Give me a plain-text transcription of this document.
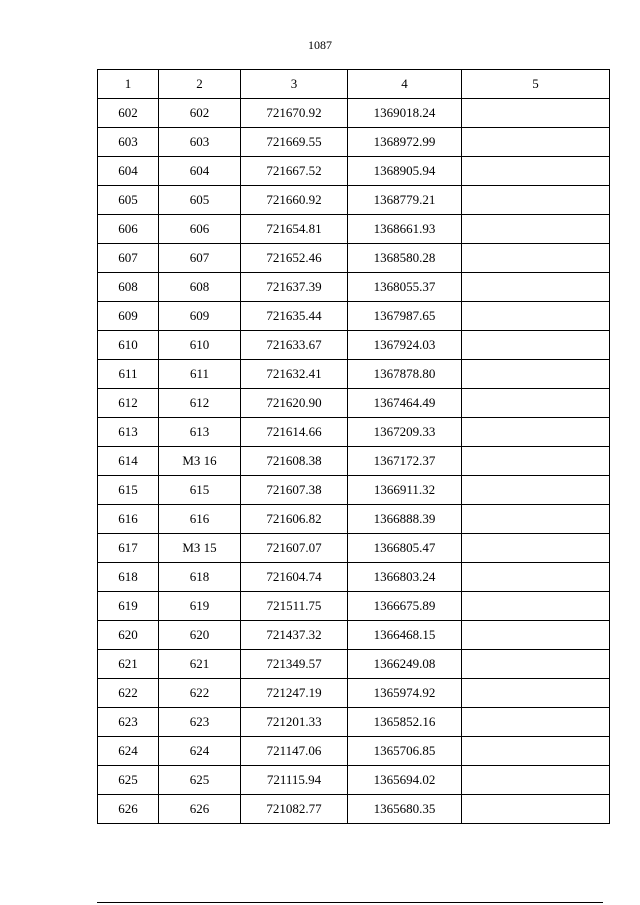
1087
1	2	3	4	5
602	602	721670.92	1369018.24	
603	603	721669.55	1368972.99	
604	604	721667.52	1368905.94	
605	605	721660.92	1368779.21	
606	606	721654.81	1368661.93	
607	607	721652.46	1368580.28	
608	608	721637.39	1368055.37	
609	609	721635.44	1367987.65	
610	610	721633.67	1367924.03	
611	611	721632.41	1367878.80	
612	612	721620.90	1367464.49	
613	613	721614.66	1367209.33	
614	МЗ 16	721608.38	1367172.37	
615	615	721607.38	1366911.32	
616	616	721606.82	1366888.39	
617	МЗ 15	721607.07	1366805.47	
618	618	721604.74	1366803.24	
619	619	721511.75	1366675.89	
620	620	721437.32	1366468.15	
621	621	721349.57	1366249.08	
622	622	721247.19	1365974.92	
623	623	721201.33	1365852.16	
624	624	721147.06	1365706.85	
625	625	721115.94	1365694.02	
626	626	721082.77	1365680.35	
